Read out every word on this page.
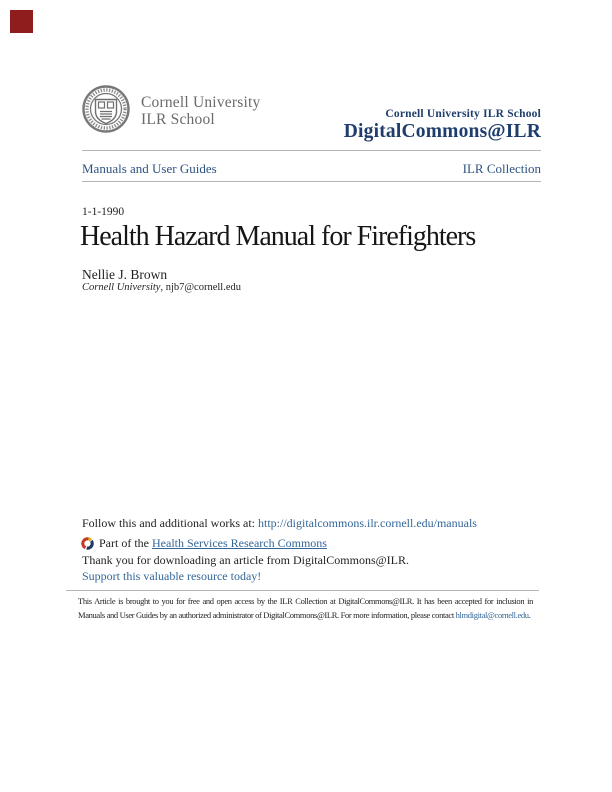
Cornell University
ILR School	Cornell University ILR School
DigitalCommons@ILR
Manuals and User Guides	ILR Collection
1-1-1990
Health Hazard Manual for Firefighters
Nellie J. Brown
Cornell University, njb7@cornell.edu
Follow this and additional works at: http://digitalcommons.ilr.cornell.edu/manuals
Part of the
Health Services Research Commons
Thank you for downloading an article from DigitalCommons@ILR.
Support this valuable resource today!
This Article is brought to you for free and open access by the ILR Collection at DigitalCommons@ILR. It has been accepted for inclusion in Manuals and User Guides by an authorized administrator of DigitalCommons@ILR. For more information, please contact hlmdigital@cornell.edu.
